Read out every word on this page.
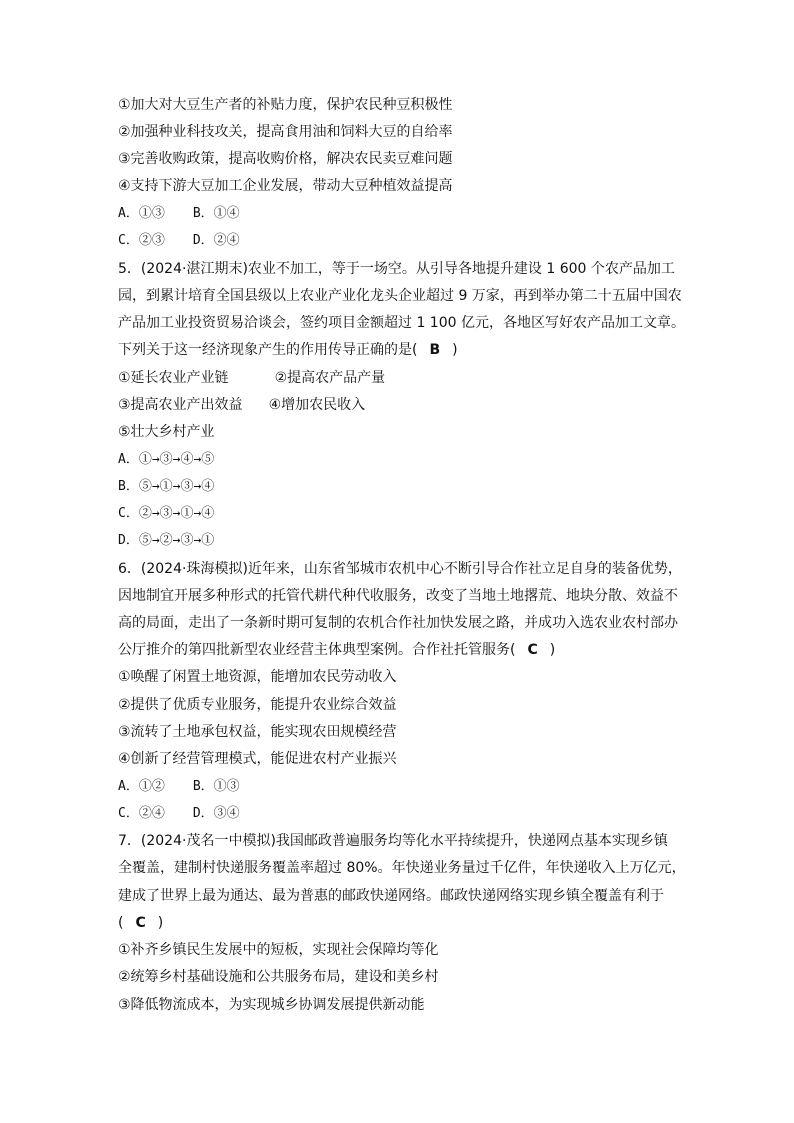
①加大对大豆生产者的补贴力度，保护农民种豆积极性
②加强种业科技攻关，提高食用油和饲料大豆的自给率
③完善收购政策，提高收购价格，解决农民卖豆难问题
④支持下游大豆加工企业发展，带动大豆种植效益提高
A．①③ B．①④
C．②③ D．②④
5．(2024·湛江期末)农业不加工，等于一场空。从引导各地提升建设 1 600 个农产品加工
园，到累计培育全国县级以上农业产业化龙头企业超过 9 万家，再到举办第二十五届中国农
产品加工业投资贸易洽谈会，签约项目金额超过 1 100 亿元，各地区写好农产品加工文章。
下列关于这一经济现象产生的作用传导正确的是( B )
①延长农业产业链	②提高农产品产量
③提高农业产出效益 ④增加农民收入
⑤壮大乡村产业
A．①→③→④→⑤
B．⑤→①→③→④
C．②→③→①→④
D．⑤→②→③→①
6．(2024·珠海模拟)近年来，山东省邹城市农机中心不断引导合作社立足自身的装备优势，
因地制宜开展多种形式的托管代耕代种代收服务，改变了当地土地撂荒、地块分散、效益不
高的局面，走出了一条新时期可复制的农机合作社加快发展之路，并成功入选农业农村部办
公厅推介的第四批新型农业经营主体典型案例。合作社托管服务( C )
①唤醒了闲置土地资源，能增加农民劳动收入
②提供了优质专业服务，能提升农业综合效益
③流转了土地承包权益，能实现农田规模经营
④创新了经营管理模式，能促进农村产业振兴
A．①② B．①③
C．②④ D．③④
7．(2024·茂名一中模拟)我国邮政普遍服务均等化水平持续提升，快递网点基本实现乡镇
全覆盖，建制村快递服务覆盖率超过 80%。年快递业务量过千亿件，年快递收入上万亿元，
建成了世界上最为通达、最为普惠的邮政快递网络。邮政快递网络实现乡镇全覆盖有利于
( C )
①补齐乡镇民生发展中的短板，实现社会保障均等化
②统筹乡村基础设施和公共服务布局，建设和美乡村
③降低物流成本，为实现城乡协调发展提供新动能
